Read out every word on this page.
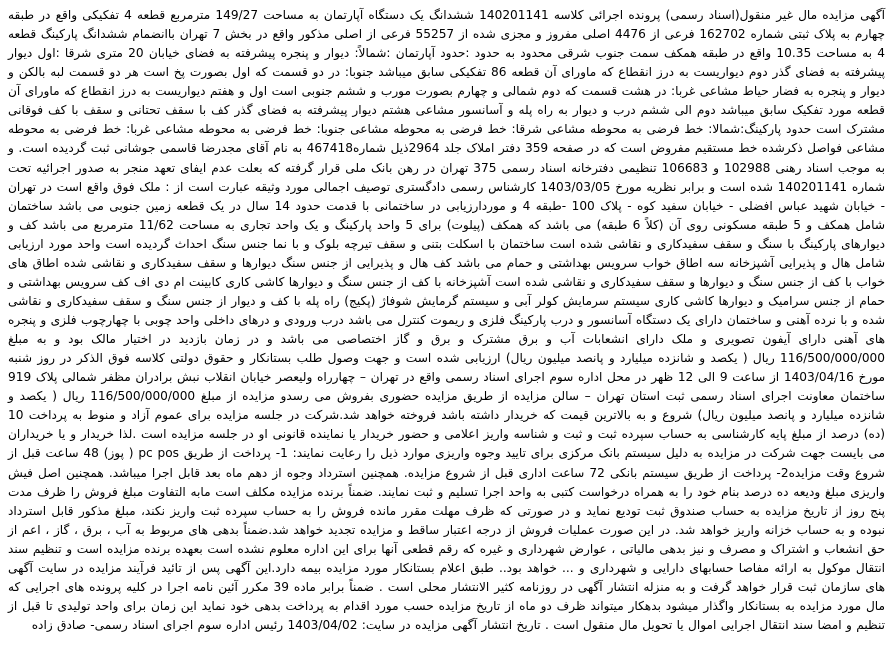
آگهی مزایده مال غیر منقول(اسناد رسمی) پرونده اجرائی کلاسه 140201141 ششدانگ یک دستگاه آپارتمان به مساحت 149/27 مترمربع قطعه 4 تفکیکی واقع در طبقه چهارم به پلاک ثبتی شماره 162702 فرعی از 4476 اصلی مفروز و مجزی شده از 55257 فرعی از اصلی مذکور واقع در بخش 7 تهران باانضمام ششدانگ پارکینگ قطعه 4 به مساحت 10.35 واقع در طبقه همکف سمت جنوب شرقی محدود به حدود :حدود آپارتمان :شمالاً: دیوار و پنجره پیشرفته به فضای خیابان 20 متری شرقا :اول دیوار پیشرفته به فضای گذر دوم دیواریست به درز انقطاع که ماورای آن قطعه 86 تفکیکی سابق میباشد جنوبا: در دو قسمت که اول بصورت پخ است هر دو قسمت لبه بالکن و دیوار و پنجره به فضار حیاط مشاعی غربا: در هشت قسمت که دوم شمالی و چهارم بصورت مورب و ششم جنوبی است اول و هفتم دیواریست به درز انقطاع که ماورای آن قطعه مورد تفکیک سابق میباشد دوم الی ششم درب و دیوار به راه پله و آسانسور مشاعی هشتم دیوار پیشرفته به فضای گذر کف با سقف تحتانی و سقف با کف فوقانی مشترک است حدود پارکینگ:شمالا: خط فرضی به محوطه مشاعی شرقا: خط فرضی به محوطه مشاعی جنوبا: خط فرضی به محوطه مشاعی غربا: خط فرضی به محوطه مشاعی فواصل ذکرشده خط مستقیم مفروض است که در صفحه 359 دفتر املاک جلد 2964ذیل شماره467418 به نام آقای مجدرضا قاسمی جوشانی ثبت گردیده است. و به موجب اسناد رهنی 102988 و 106683 تنظیمی دفترخانه اسناد رسمی 375 تهران در رهن بانک ملی قرار گرفته که بعلت عدم ایفای تعهد منجر به صدور اجرائیه تحت شماره 140201141 شده است و برابر نظریه مورخ 1403/03/05 کارشناس رسمی دادگستری توصیف اجمالی مورد وثیقه عبارت است از : ملک فوق واقع است در تهران - خیابان شهید عباس افضلی - خیابان سفید کوه - پلاک 100 -طبقه 4 و موردارزیابی در ساختمانی با قدمت حدود 14 سال در یک قطعه زمین جنوبی می باشد ساختمان شامل همکف و 5 طبقه مسکونی روی آن (کلاً 6 طبقه) می باشد که همکف (پیلوت) برای 5 واحد پارکینگ و یک واحد تجاری به مساحت 11/62 مترمربع می باشد کف و دیوارهای پارکینگ با سنگ و سقف سفیدکاری و نقاشی شده است ساختمان با اسکلت بتنی و سقف تیرچه بلوک و با نما جنس سنگ احداث گردیده است واحد مورد ارزیابی شامل هال و پذیرایی آشپزخانه سه اطاق خواب سرویس بهداشتی و حمام می باشد کف هال و پذیرایی از جنس سنگ دیوارها و سقف سفیدکاری و نقاشی شده اطاق های خواب با کف از جنس سنگ و دیوارها و سقف سفیدکاری و نقاشی شده است آشپزخانه با کف از جنس سنگ و دیوارها کاشی کاری کابینت ام دی اف کف سرویس بهداشتی و حمام از جنس سرامیک و دیوارها کاشی کاری سیستم سرمایش کولر آبی و سیستم گرمایش شوفاژ (پکیج) راه پله با کف و دیوار از جنس سنگ و سقف سفیدکاری و نقاشی شده و با نرده آهنی و ساختمان دارای یک دستگاه آسانسور و درب پارکینگ فلزی و ریموت کنترل می باشد درب ورودی و درهای داخلی واحد چوبی با چهارچوب فلزی و پنجره های آهنی دارای آیفون تصویری و ملک دارای انشعابات آب و برق مشترک و برق و گاز اختصاصی می باشد و در زمان بازدید در اختیار مالک بود و به مبلغ 116/500/000/000 ریال ( یکصد و شانزده میلیارد و پانصد میلیون ریال) ارزیابی شده است و جهت وصول طلب بستانکار و حقوق دولتی کلاسه فوق الذکر در روز شنبه مورخ 1403/04/16 از ساعت 9 الی 12 ظهر در محل اداره سوم اجرای اسناد رسمی واقع در تهران – چهارراه ولیعصر خیابان انقلاب نبش برادران مظفر شمالی پلاک 919 ساختمان معاونت اجرای اسناد رسمی ثبت استان تهران – سالن مزایده از طریق مزایده حضوری بفروش می رسدو مزایده از مبلغ 116/500/000/000 ریال ( یکصد و شانزده میلیارد و پانصد میلیون ریال) شروع و به بالاترین قیمت که خریدار داشته باشد فروخته خواهد شد.شرکت در جلسه مزایده برای عموم آزاد و منوط به پرداخت 10 (ده) درصد از مبلغ پایه کارشناسی به حساب سپرده ثبت و ثبت و شناسه واریز اعلامی و حضور خریدار یا نماینده قانونی او در جلسه مزایده است .لذا خریدار و یا خریداران می بایست جهت شرکت در مزایده به دلیل سیستم بانک مرکزی برای تایید وجوه واریزی موارد ذیل را رعایت نمایند: 1- پرداخت از طریق pc pos ( پوز) 48 ساعت قبل از شروع وقت مزایده2- پرداخت از طریق سیستم بانکی 72 ساعت اداری قبل از شروع مزایده. همچنین استرداد وجوه از دهم ماه بعد قابل اجرا میباشد. همچنین اصل فیش واریزی مبلغ ودیعه ده درصد بنام خود را به همراه درخواست کتبی به واحد اجرا تسلیم و ثبت نمایند. ضمناً برنده مزایده مکلف است مابه التفاوت مبلغ فروش را ظرف مدت پنج روز از تاریخ مزایده به حساب صندوق ثبت تودیع نماید و در صورتی که ظرف مهلت مقرر مانده فروش را به حساب سپرده ثبت واریز نکند، مبلغ مذکور قابل استرداد نبوده و به حساب خزانه واریز خواهد شد. در این صورت عملیات فروش از درجه اعتبار ساقط و مزایده تجدید خواهد شد.ضمناً بدهی های مربوط به آب ، برق ، گاز ، اعم از حق انشعاب و اشتراک و مصرف و نیز بدهی مالیاتی ، عوارض شهرداری و غیره که رقم قطعی آنها برای این اداره معلوم نشده است بعهده برنده مزایده است و تنظیم سند انتقال موکول به ارائه مفاصا حسابهای دارایی و شهرداری و ... خواهد بود.. طبق اعلام بستانکار مورد مزایده بیمه دارد.این آگهی پس از تائید فرآیند مزایده در سایت آگهی های سازمان ثبت قرار خواهد گرفت و به منزله انتشار آگهی در روزنامه کثیر الانتشار محلی است . ضمناً برابر ماده 39 مکرر آئین نامه اجرا در کلیه پرونده های اجرایی که مال مورد مزایده به بستانکار واگذار میشود بدهکار میتواند ظرف دو ماه از تاریخ مزایده حسب مورد اقدام به پرداخت بدهی خود نماید این زمان برای واحد تولیدی تا قبل از تنظیم و امضا سند انتقال اجرایی اموال یا تحویل مال منقول است . تاریخ انتشار آگهی مزایده در سایت: 1403/04/02 رئیس اداره سوم اجرای اسناد رسمی- صادق زاده
